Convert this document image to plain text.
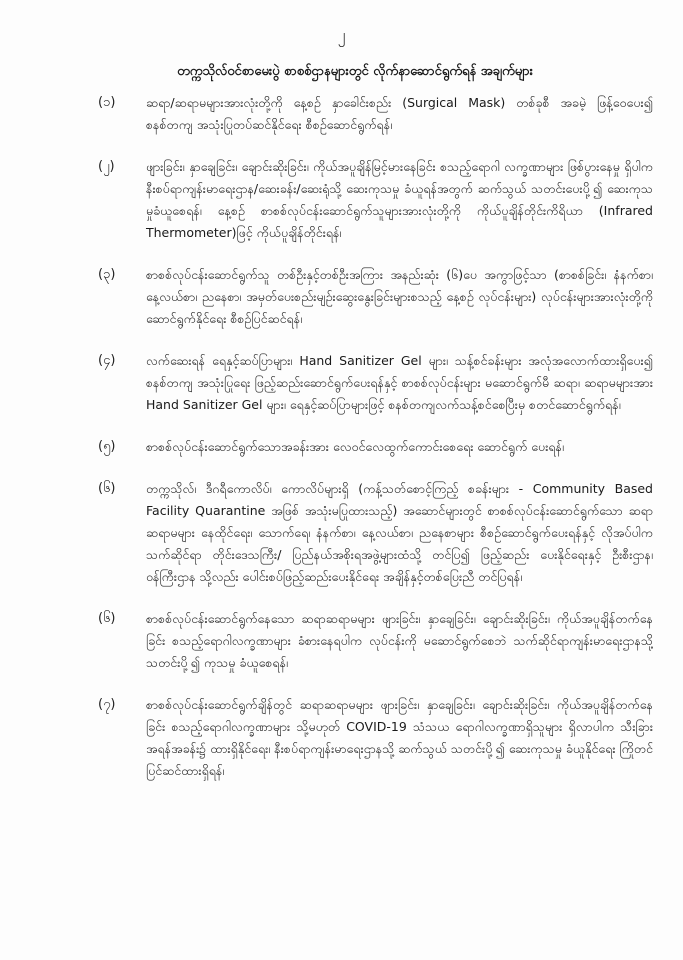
၂
တက္ကသိုလ်ဝင်စာမေးပွဲ စာစစ်ဌာနများတွင် လိုက်နာဆောင်ရွက်ရန် အချက်များ
(၁) ဆရာ/ဆရာမများအားလုံးတို့ကို နေ့စဉ် နှာခေါင်းစည်း (Surgical Mask) တစ်ခုစီ အခမဲ့ ဖြန့်ဝေပေး၍ စနစ်တကျ အသုံးပြုတပ်ဆင်နိုင်ရေး စီစဉ်ဆောင်ရွက်ရန်၊
(၂)	ဖျားခြင်း၊ နှာချေခြင်း၊ ချောင်းဆိုးခြင်း၊ ကိုယ်အပူချိန်မြင့်မားနေခြင်း စသည့်ရောဂါ လက္ခဏာများ ဖြစ်ပွားနေမှု ရှိပါက နီးစပ်ရာကျန်းမာရေးဌာန/ဆေးခန်း/ဆေးရုံသို့ ဆေးကုသမှု ခံယူရန်အတွက် ဆက်သွယ် သတင်းပေးပို့၍ ဆေးကုသမှုခံယူစေရန်၊ နေ့စဉ် စာစစ်လုပ်ငန်းဆောင်ရွက်သူများအားလုံးတို့ကို ကိုယ်ပူချိန်တိုင်းကိရိယာ (Infrared Thermometer)ဖြင့် ကိုယ်ပူချိန်တိုင်းရန်၊
(၃) စာစစ်လုပ်ငန်းဆောင်ရွက်သူ တစ်ဦးနှင့်တစ်ဦးအကြား အနည်းဆုံး (၆)ပေ အကွာဖြင့်သာ (စာစစ်ခြင်း၊ နံနက်စာ၊ နေ့လယ်စာ၊ ညနေစာ၊ အမှတ်ပေးစည်းမျဉ်းဆွေးနွေးခြင်းများစသည့် နေ့စဉ် လုပ်ငန်းများ) လုပ်ငန်းများအားလုံးတို့ကို ဆောင်ရွက်နိုင်ရေး စီစဉ်ပြင်ဆင်ရန်၊
(၄) လက်ဆေးရန် ရေနှင့်ဆပ်ပြာများ၊ Hand Sanitizer Gel များ၊ သန့်စင်ခန်းများ အလုံအလောက်ထားရှိပေး၍ စနစ်တကျ အသုံးပြုရေး ဖြည့်ဆည်းဆောင်ရွက်ပေးရန်နှင့် စာစစ်လုပ်ငန်းများ မဆောင်ရွက်မီ ဆရာ၊ ဆရာမများအား Hand Sanitizer Gel များ၊ ရေနှင့်ဆပ်ပြာများဖြင့် စနစ်တကျလက်သန့်စင်စေပြီးမှ စတင်ဆောင်ရွက်ရန်၊
(၅) စာစစ်လုပ်ငန်းဆောင်ရွက်သောအခန်းအား လေဝင်လေထွက်ကောင်းစေရေး ဆောင်ရွက် ပေးရန်၊
(၆) တက္ကသိုလ်၊ ဒီဂရီကောလိပ်၊ ကောလိပ်များရှိ (ကန့်သတ်စောင့်ကြည့် စခန်းများ - Community Based Facility Quarantine အဖြစ် အသုံးမပြုထားသည့်) အဆောင်များတွင် စာစစ်လုပ်ငန်းဆောင်ရွက်သော ဆရာ ဆရာမများ နေထိုင်ရေး၊ သောက်ရေ၊ နံနက်စာ၊ နေ့လယ်စာ၊ ညနေစာများ စီစဉ်ဆောင်ရွက်ပေးရန်နှင့် လိုအပ်ပါက သက်ဆိုင်ရာ တိုင်းဒေသကြီး/ ပြည်နယ်အစိုးရအဖွဲ့များထံသို့ တင်ပြ၍ ဖြည့်ဆည်း ပေးနိုင်ရေးနှင့် ဦးစီးဌာန၊ ဝန်ကြီးဌာန သို့လည်း ပေါင်းစပ်ဖြည့်ဆည်းပေးနိုင်ရေး အချိန်နှင့်တစ်ပြေးညီ တင်ပြရန်၊
(၆) စာစစ်လုပ်ငန်းဆောင်ရွက်နေသော ဆရာဆရာမများ ဖျားခြင်း၊ နှာချေခြင်း၊ ချောင်းဆိုးခြင်း၊ ကိုယ်အပူချိန်တက်နေခြင်း စသည့်ရောဂါလက္ခဏာများ ခံစားနေရပါက လုပ်ငန်းကို မဆောင်ရွက်စေဘဲ သက်ဆိုင်ရာကျန်းမာရေးဌာနသို့ သတင်းပို့၍ ကုသမှု ခံယူစေရန်၊
(၇) စာစစ်လုပ်ငန်းဆောင်ရွက်ချိန်တွင် ဆရာဆရာမများ ဖျားခြင်း၊ နှာချေခြင်း၊ ချောင်းဆိုးခြင်း၊ ကိုယ်အပူချိန်တက်နေခြင်း စသည့်ရောဂါလက္ခဏာများ သို့မဟုတ် COVID-19 သံသယ ရောဂါလက္ခဏာရှိသူများ ရှိလာပါက သီးခြားအရန်အခန်း၌ ထားရှိနိုင်ရေး၊ နီးစပ်ရာကျန်းမာရေးဌာနသို့ ဆက်သွယ် သတင်းပို့၍ ဆေးကုသမှု ခံယူနိုင်ရေး ကြိုတင် ပြင်ဆင်ထားရှိရန်၊
